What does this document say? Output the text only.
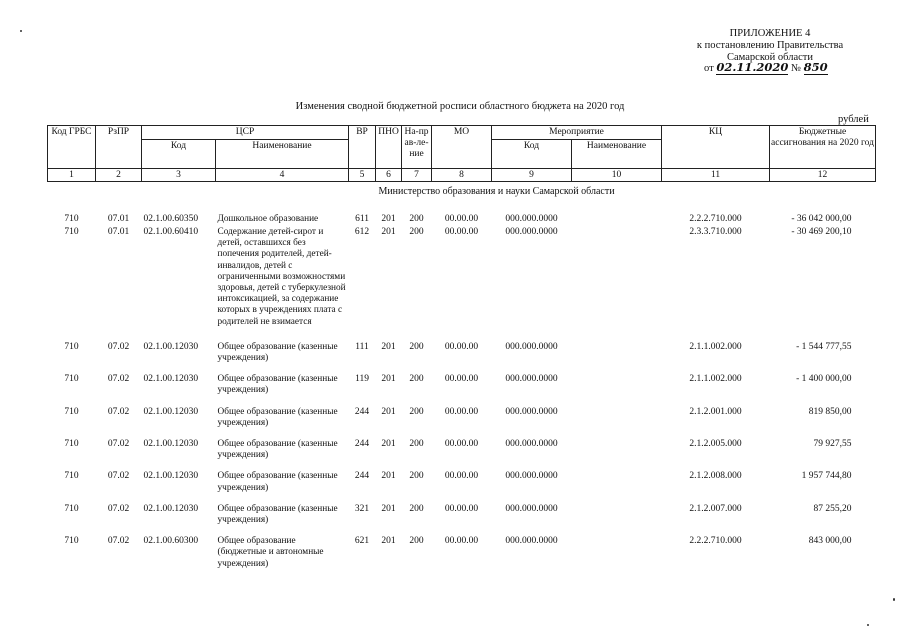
ПРИЛОЖЕНИЕ 4
к постановлению Правительства
Самарской области
от 02.11.2020 № 850
Изменения сводной бюджетной росписи областного бюджета на 2020 год
рублей
Код ГРБС	РзПР	ЦСР		ВР	ПНО	На-прав-ле-ние	МО	Мероприятие		КЦ	Бюджетные ассигнования на 2020 год
		Код	Наименование					Код	Наименование		
1	2	3	4	5	6	7	8	9	10	11	12
Министерство образования и науки Самарской области											
710	07.01	02.1.00.60350	Дошкольное образование	611	201	200	00.00.00	000.000.0000		2.2.2.710.000	- 36 042 000,00
710	07.01	02.1.00.60410	Содержание детей-сирот и детей, оставшихся без попечения родителей, детей-инвалидов, детей с ограниченными возможностями здоровья, детей с туберкулезной интоксикацией, за содержание которых в учреждениях плата с родителей не взимается	612	201	200	00.00.00	000.000.0000		2.3.3.710.000	- 30 469 200,10
710	07.02	02.1.00.12030	Общее образование (казенные учреждения)	111	201	200	00.00.00	000.000.0000		2.1.1.002.000	- 1 544 777,55
710	07.02	02.1.00.12030	Общее образование (казенные учреждения)	119	201	200	00.00.00	000.000.0000		2.1.1.002.000	- 1 400 000,00
710	07.02	02.1.00.12030	Общее образование (казенные учреждения)	244	201	200	00.00.00	000.000.0000		2.1.2.001.000	819 850,00
710	07.02	02.1.00.12030	Общее образование (казенные учреждения)	244	201	200	00.00.00	000.000.0000		2.1.2.005.000	79 927,55
710	07.02	02.1.00.12030	Общее образование (казенные учреждения)	244	201	200	00.00.00	000.000.0000		2.1.2.008.000	1 957 744,80
710	07.02	02.1.00.12030	Общее образование (казенные учреждения)	321	201	200	00.00.00	000.000.0000		2.1.2.007.000	87 255,20
710	07.02	02.1.00.60300	Общее образование (бюджетные и автономные учреждения)	621	201	200	00.00.00	000.000.0000		2.2.2.710.000	843 000,00
